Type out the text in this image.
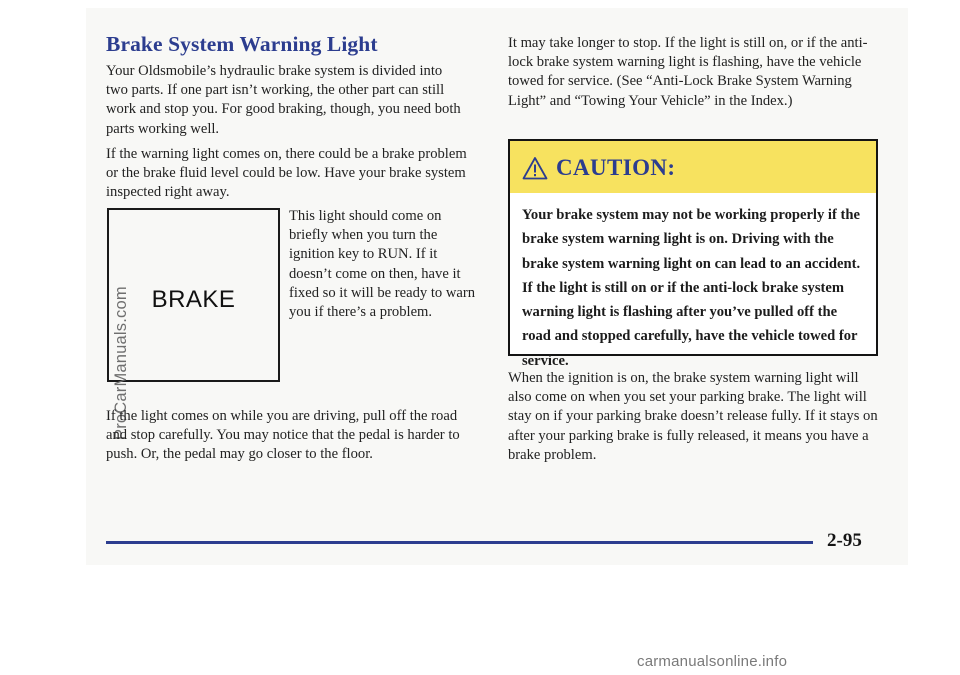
Brake System Warning Light

Your Oldsmobile’s hydraulic brake system is divided into two parts. If one part isn’t working, the other part can still work and stop you. For good braking, though, you need both parts working well.

If the warning light comes on, there could be a brake problem or the brake fluid level could be low. Have your brake system inspected right away.

BRAKE

This light should come on briefly when you turn the ignition key to RUN. If it doesn’t come on then, have it fixed so it will be ready to warn you if there’s a problem.

ProCarManuals.com

If the light comes on while you are driving, pull off the road and stop carefully. You may notice that the pedal is harder to push. Or, the pedal may go closer to the floor.

It may take longer to stop. If the light is still on, or if the anti-lock brake system warning light is flashing, have the vehicle towed for service. (See “Anti-Lock Brake System Warning Light” and “Towing Your Vehicle” in the Index.)

CAUTION:

Your brake system may not be working properly if the brake system warning light is on. Driving with the brake system warning light on can lead to an accident. If the light is still on or if the anti-lock brake system warning light is flashing after you’ve pulled off the road and stopped carefully, have the vehicle towed for service.

When the ignition is on, the brake system warning light will also come on when you set your parking brake. The light will stay on if your parking brake doesn’t release fully. If it stays on after your parking brake is fully released, it means you have a brake problem.

2-95
carmanualsonline.info
